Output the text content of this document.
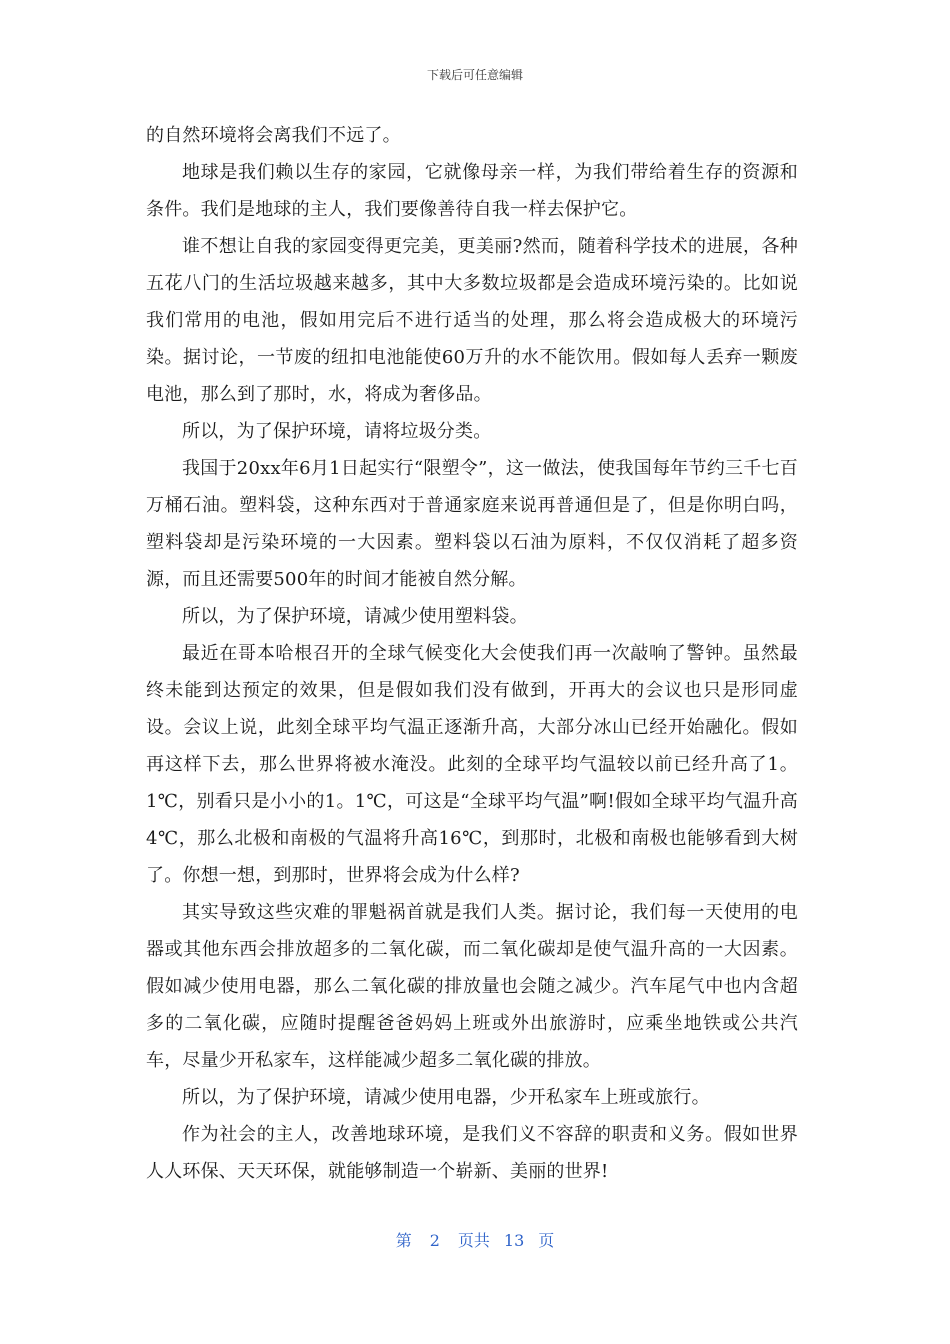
下载后可任意编辑

的自然环境将会离我们不远了。

地球是我们赖以生存的家园，它就像母亲一样，为我们带给着生存的资源和条件。我们是地球的主人，我们要像善待自我一样去保护它。

谁不想让自我的家园变得更完美，更美丽?然而，随着科学技术的进展，各种五花八门的生活垃圾越来越多，其中大多数垃圾都是会造成环境污染的。比如说我们常用的电池，假如用完后不进行适当的处理，那么将会造成极大的环境污染。据讨论，一节废的纽扣电池能使60万升的水不能饮用。假如每人丢弃一颗废电池，那么到了那时，水，将成为奢侈品。

所以，为了保护环境，请将垃圾分类。

我国于20xx年6月1日起实行“限塑令”，这一做法，使我国每年节约三千七百万桶石油。塑料袋，这种东西对于普通家庭来说再普通但是了，但是你明白吗，塑料袋却是污染环境的一大因素。塑料袋以石油为原料，不仅仅消耗了超多资源，而且还需要500年的时间才能被自然分解。

所以，为了保护环境，请减少使用塑料袋。

最近在哥本哈根召开的全球气候变化大会使我们再一次敲响了警钟。虽然最终未能到达预定的效果，但是假如我们没有做到，开再大的会议也只是形同虚设。会议上说，此刻全球平均气温正逐渐升高，大部分冰山已经开始融化。假如再这样下去，那么世界将被水淹没。此刻的全球平均气温较以前已经升高了1。1℃，别看只是小小的1。1℃，可这是“全球平均气温”啊!假如全球平均气温升高4℃，那么北极和南极的气温将升高16℃，到那时，北极和南极也能够看到大树了。你想一想，到那时，世界将会成为什么样?

其实导致这些灾难的罪魁祸首就是我们人类。据讨论，我们每一天使用的电器或其他东西会排放超多的二氧化碳，而二氧化碳却是使气温升高的一大因素。假如减少使用电器，那么二氧化碳的排放量也会随之减少。汽车尾气中也内含超多的二氧化碳，应随时提醒爸爸妈妈上班或外出旅游时，应乘坐地铁或公共汽车，尽量少开私家车，这样能减少超多二氧化碳的排放。

所以，为了保护环境，请减少使用电器，少开私家车上班或旅行。

作为社会的主人，改善地球环境，是我们义不容辞的职责和义务。假如世界人人环保、天天环保，就能够制造一个崭新、美丽的世界!

第 2 页共 13 页
